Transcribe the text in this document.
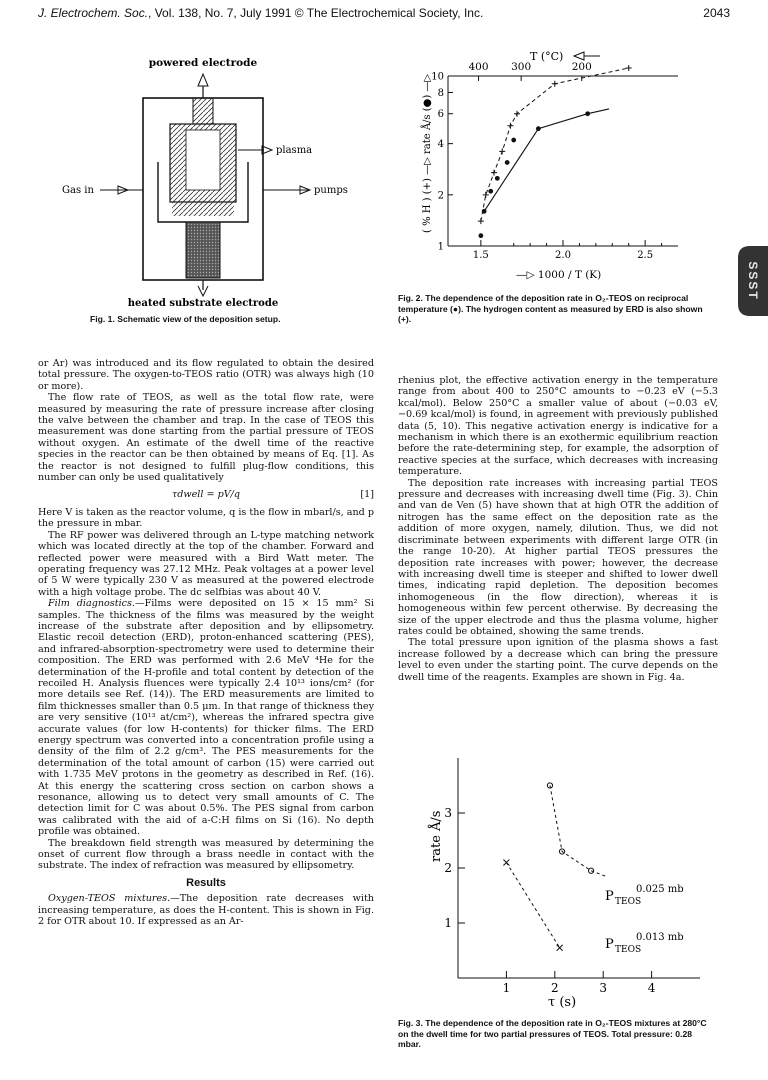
J. Electrochem. Soc., Vol. 138, No. 7, July 1991 © The Electrochemical Society, Inc.	2043
powered electrode
plasma
Gas in	pumps
heated substrate electrode
Fig. 1. Schematic view of the deposition setup.
T (°C)
400 300	200
1.5	2.0	2.5
1
2
4
6
8
10
( % H ) (+) —▷ rate Å/s (●) —▷
—▷ 1000 / T (K)
Fig. 2. The dependence of the deposition rate in O₂-TEOS on reciprocal temperature (●). The hydrogen content as measured by ERD is also shown (+).
1	2	3	4
1
2
3
rate Å/s
τ (s)
P TEOS
0.025 mb
P TEOS
0.013 mb
Fig. 3. The dependence of the deposition rate in O₂-TEOS mixtures at 280°C on the dwell time for two partial pressures of TEOS. Total pressure: 0.28 mbar.

or Ar) was introduced and its flow regulated to obtain the desired total pressure. The oxygen-to-TEOS ratio (OTR) was always high (10 or more).

The flow rate of TEOS, as well as the total flow rate, were measured by measuring the rate of pressure increase after closing the valve between the chamber and trap. In the case of TEOS this measurement was done starting from the partial pressure of TEOS without oxygen. An estimate of the dwell time of the reactive species in the reactor can be then obtained by means of Eq. [1]. As the reactor is not designed to fulfill plug-flow conditions, this number can only be used qualitatively

τdwell = pV/q	[1]

Here V is taken as the reactor volume, q is the flow in mbarl/s, and p the pressure in mbar.

The RF power was delivered through an L-type matching network which was located directly at the top of the chamber. Forward and reflected power were measured with a Bird Watt meter. The operating frequency was 27.12 MHz. Peak voltages at a power level of 5 W were typically 230 V as measured at the powered electrode with a high voltage probe. The dc selfbias was about 40 V.

Film diagnostics.—Films were deposited on 15 × 15 mm² Si samples. The thickness of the films was measured by the weight increase of the substrate after deposition and by ellipsometry. Elastic recoil detection (ERD), proton-enhanced scattering (PES), and infrared-absorption-spectrometry were used to determine their composition. The ERD was performed with 2.6 MeV ⁴He for the determination of the H-profile and total content by detection of the recoiled H. Analysis fluences were typically 2.4 10¹³ ions/cm² (for more details see Ref. (14)). The ERD measurements are limited to film thicknesses smaller than 0.5 μm. In that range of thickness they are very sensitive (10¹³ at/cm²), whereas the infrared spectra give accurate values (for low H-contents) for thicker films. The ERD energy spectrum was converted into a concentration profile using a density of the film of 2.2 g/cm³. The PES measurements for the determination of the total amount of carbon (15) were carried out with 1.735 MeV protons in the geometry as described in Ref. (16). At this energy the scattering cross section on carbon shows a resonance, allowing us to detect very small amounts of C. The detection limit for C was about 0.5%. The PES signal from carbon was calibrated with the aid of a-C:H films on Si (16). No depth profile was obtained.

The breakdown field strength was measured by determining the onset of current flow through a brass needle in contact with the substrate. The index of refraction was measured by ellipsometry.

Results

Oxygen-TEOS mixtures.—The deposition rate decreases with increasing temperature, as does the H-content. This is shown in Fig. 2 for OTR about 10. If expressed as an Ar-

rhenius plot, the effective activation energy in the temperature range from about 400 to 250°C amounts to −0.23 eV (−5.3 kcal/mol). Below 250°C a smaller value of about (−0.03 eV, −0.69 kcal/mol) is found, in agreement with previously published data (5, 10). This negative activation energy is indicative for a mechanism in which there is an exothermic equilibrium reaction before the rate-determining step, for example, the adsorption of reactive species at the surface, which decreases with increasing temperature.

The deposition rate increases with increasing partial TEOS pressure and decreases with increasing dwell time (Fig. 3). Chin and van de Ven (5) have shown that at high OTR the addition of nitrogen has the same effect on the deposition rate as the addition of more oxygen, namely, dilution. Thus, we did not discriminate between experiments with different large OTR (in the range 10-20). At higher partial TEOS pressures the deposition rate increases with power; however, the decrease with increasing dwell time is steeper and shifted to lower dwell times, indicating rapid depletion. The deposition becomes inhomogeneous (in the flow direction), whereas it is homogeneous within few percent otherwise. By decreasing the size of the upper electrode and thus the plasma volume, higher rates could be obtained, showing the same trends.

The total pressure upon ignition of the plasma shows a fast increase followed by a decrease which can bring the pressure level to even under the starting point. The curve depends on the dwell time of the reagents. Examples are shown in Fig. 4a.

SSST
